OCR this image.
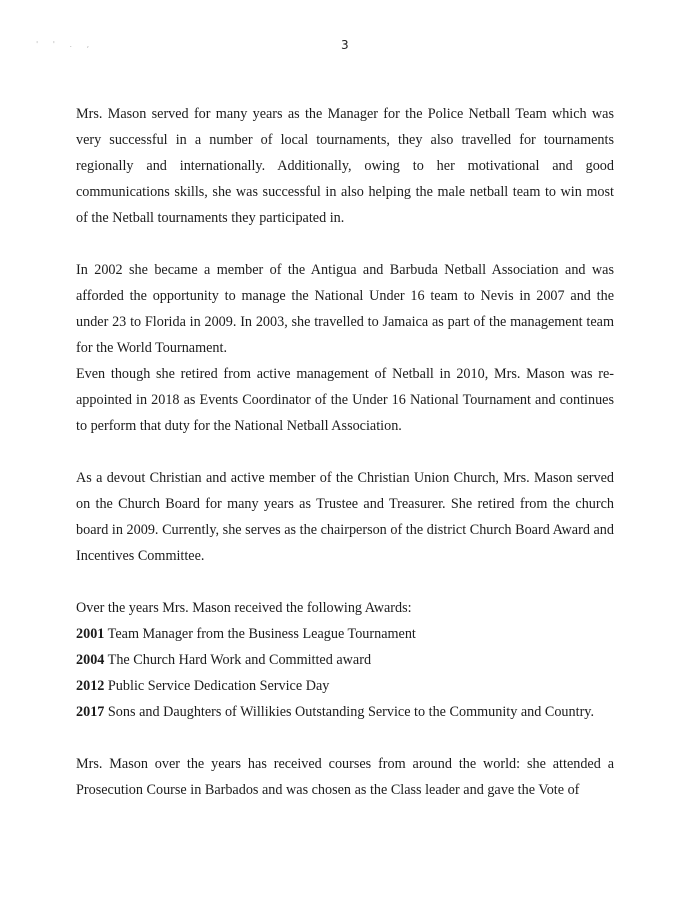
' ' . ,	3

Mrs. Mason served for many years as the Manager for the Police Netball Team which was very successful in a number of local tournaments, they also travelled for tournaments regionally and internationally. Additionally, owing to her motivational and good communications skills, she was successful in also helping the male netball team to win most of the Netball tournaments they participated in.

In 2002 she became a member of the Antigua and Barbuda Netball Association and was afforded the opportunity to manage the National Under 16 team to Nevis in 2007 and the under 23 to Florida in 2009. In 2003, she travelled to Jamaica as part of the management team for the World Tournament.

Even though she retired from active management of Netball in 2010, Mrs. Mason was re-appointed in 2018 as Events Coordinator of the Under 16 National Tournament and continues to perform that duty for the National Netball Association.

As a devout Christian and active member of the Christian Union Church, Mrs. Mason served on the Church Board for many years as Trustee and Treasurer. She retired from the church board in 2009. Currently, she serves as the chairperson of the district Church Board Award and Incentives Committee.

Over the years Mrs. Mason received the following Awards:
2001 Team Manager from the Business League Tournament
2004 The Church Hard Work and Committed award
2012 Public Service Dedication Service Day
2017 Sons and Daughters of Willikies Outstanding Service to the Community and Country.

Mrs. Mason over the years has received courses from around the world: she attended a Prosecution Course in Barbados and was chosen as the Class leader and gave the Vote of
